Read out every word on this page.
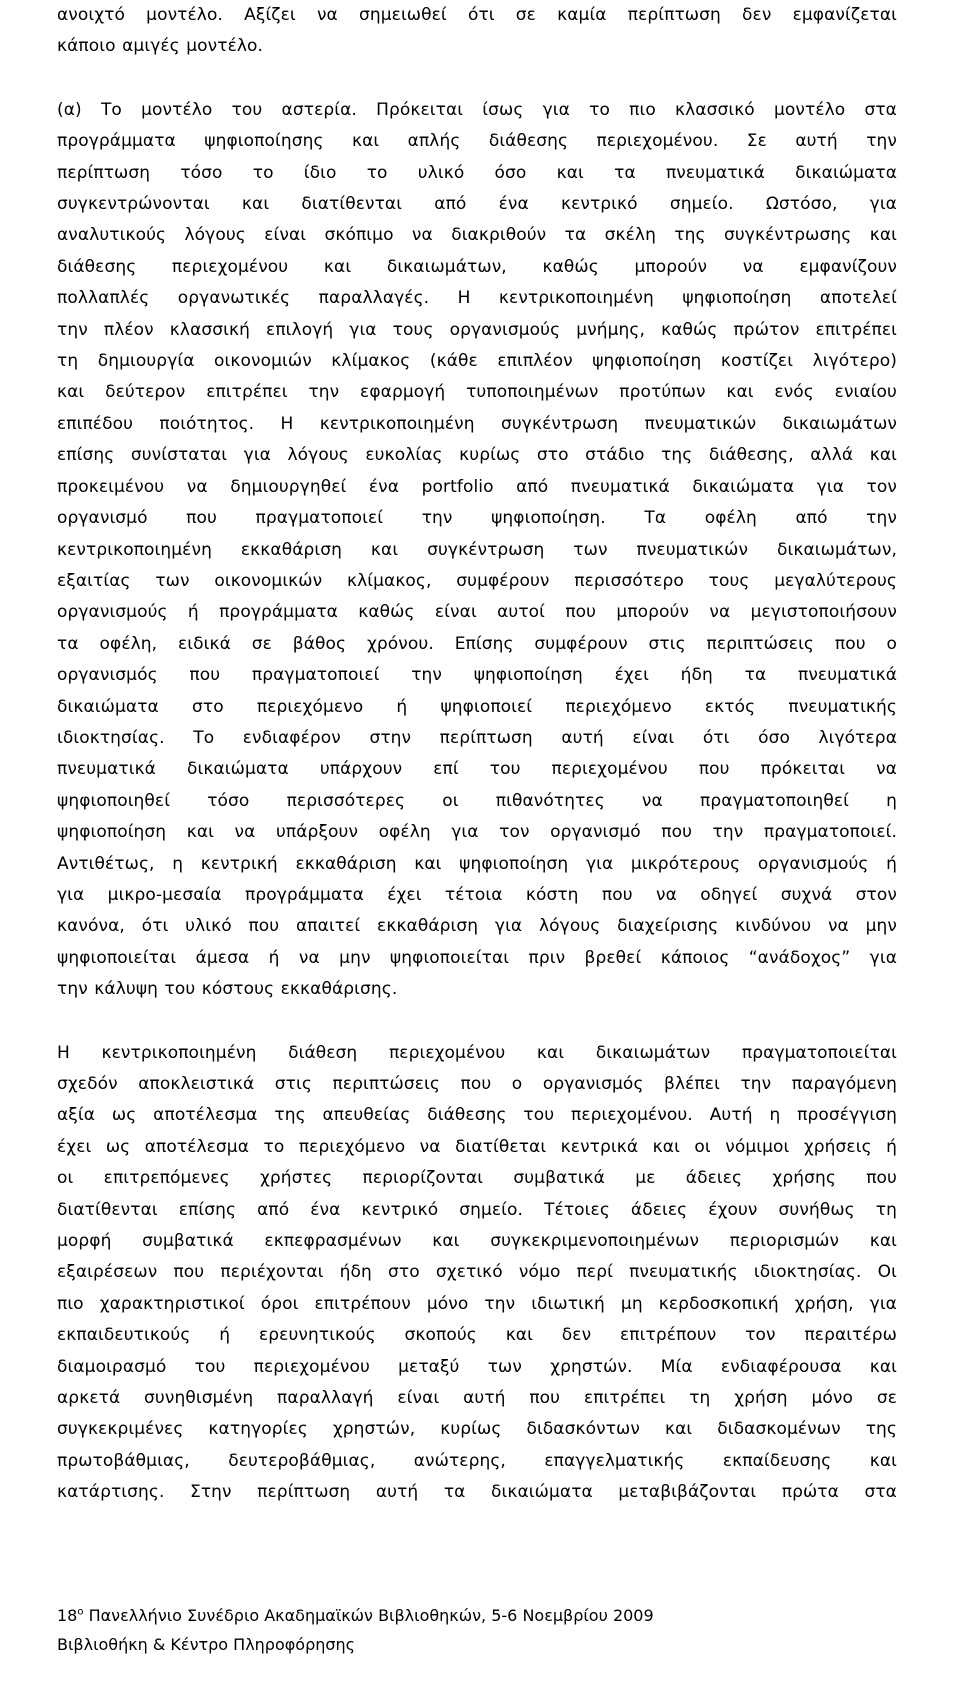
ανοιχτό μοντέλο. Αξίζει να σημειωθεί ότι σε καμία περίπτωση δεν εμφανίζεται
κάποιο αμιγές μοντέλο.
(α) Το μοντέλο του αστερία. Πρόκειται ίσως για το πιο κλασσικό μοντέλο στα
προγράμματα ψηφιοποίησης και απλής διάθεσης περιεχομένου. Σε αυτή την
περίπτωση τόσο το ίδιο το υλικό όσο και τα πνευματικά δικαιώματα
συγκεντρώνονται και διατίθενται από ένα κεντρικό σημείο. Ωστόσο, για
αναλυτικούς λόγους είναι σκόπιμο να διακριθούν τα σκέλη της συγκέντρωσης και
διάθεσης περιεχομένου και δικαιωμάτων, καθώς μπορούν να εμφανίζουν
πολλαπλές οργανωτικές παραλλαγές. Η κεντρικοποιημένη ψηφιοποίηση αποτελεί
την πλέον κλασσική επιλογή για τους οργανισμούς μνήμης, καθώς πρώτον επιτρέπει
τη δημιουργία οικονομιών κλίμακος (κάθε επιπλέον ψηφιοποίηση κοστίζει λιγότερο)
και δεύτερον επιτρέπει την εφαρμογή τυποποιημένων προτύπων και ενός ενιαίου
επιπέδου ποιότητος. Η κεντρικοποιημένη συγκέντρωση πνευματικών δικαιωμάτων
επίσης συνίσταται για λόγους ευκολίας κυρίως στο στάδιο της διάθεσης, αλλά και
προκειμένου να δημιουργηθεί ένα portfolio από πνευματικά δικαιώματα για τον
οργανισμό που πραγματοποιεί την ψηφιοποίηση. Τα οφέλη από την
κεντρικοποιημένη εκκαθάριση και συγκέντρωση των πνευματικών δικαιωμάτων,
εξαιτίας των οικονομικών κλίμακος, συμφέρουν περισσότερο τους μεγαλύτερους
οργανισμούς ή προγράμματα καθώς είναι αυτοί που μπορούν να μεγιστοποιήσουν
τα οφέλη, ειδικά σε βάθος χρόνου. Επίσης συμφέρουν στις περιπτώσεις που ο
οργανισμός που πραγματοποιεί την ψηφιοποίηση έχει ήδη τα πνευματικά
δικαιώματα στο περιεχόμενο ή ψηφιοποιεί περιεχόμενο εκτός πνευματικής
ιδιοκτησίας. Το ενδιαφέρον στην περίπτωση αυτή είναι ότι όσο λιγότερα
πνευματικά δικαιώματα υπάρχουν επί του περιεχομένου που πρόκειται να
ψηφιοποιηθεί τόσο περισσότερες οι πιθανότητες να πραγματοποιηθεί η
ψηφιοποίηση και να υπάρξουν οφέλη για τον οργανισμό που την πραγματοποιεί.
Αντιθέτως, η κεντρική εκκαθάριση και ψηφιοποίηση για μικρότερους οργανισμούς ή
για μικρο-μεσαία προγράμματα έχει τέτοια κόστη που να οδηγεί συχνά στον
κανόνα, ότι υλικό που απαιτεί εκκαθάριση για λόγους διαχείρισης κινδύνου να μην
ψηφιοποιείται άμεσα ή να μην ψηφιοποιείται πριν βρεθεί κάποιος “ανάδοχος” για
την κάλυψη του κόστους εκκαθάρισης.
Η κεντρικοποιημένη διάθεση περιεχομένου και δικαιωμάτων πραγματοποιείται
σχεδόν αποκλειστικά στις περιπτώσεις που ο οργανισμός βλέπει την παραγόμενη
αξία ως αποτέλεσμα της απευθείας διάθεσης του περιεχομένου. Αυτή η προσέγγιση
έχει ως αποτέλεσμα το περιεχόμενο να διατίθεται κεντρικά και οι νόμιμοι χρήσεις ή
οι επιτρεπόμενες χρήστες περιορίζονται συμβατικά με άδειες χρήσης που
διατίθενται επίσης από ένα κεντρικό σημείο. Τέτοιες άδειες έχουν συνήθως τη
μορφή συμβατικά εκπεφρασμένων και συγκεκριμενοποιημένων περιορισμών και
εξαιρέσεων που περιέχονται ήδη στο σχετικό νόμο περί πνευματικής ιδιοκτησίας. Οι
πιο χαρακτηριστικοί όροι επιτρέπουν μόνο την ιδιωτική μη κερδοσκοπική χρήση, για
εκπαιδευτικούς ή ερευνητικούς σκοπούς και δεν επιτρέπουν τον περαιτέρω
διαμοιρασμό του περιεχομένου μεταξύ των χρηστών. Μία ενδιαφέρουσα και
αρκετά συνηθισμένη παραλλαγή είναι αυτή που επιτρέπει τη χρήση μόνο σε
συγκεκριμένες κατηγορίες χρηστών, κυρίως διδασκόντων και διδασκομένων της
πρωτοβάθμιας, δευτεροβάθμιας, ανώτερης, επαγγελματικής εκπαίδευσης και
κατάρτισης. Στην περίπτωση αυτή τα δικαιώματα μεταβιβάζονται πρώτα στα
$18^o$ Πανελλήνιο Συνέδριο Ακαδημαϊκών Βιβλιοθηκών, 5-6 Νοεμβρίου 2009
Βιβλιοθήκη & Κέντρο Πληροφόρησης
